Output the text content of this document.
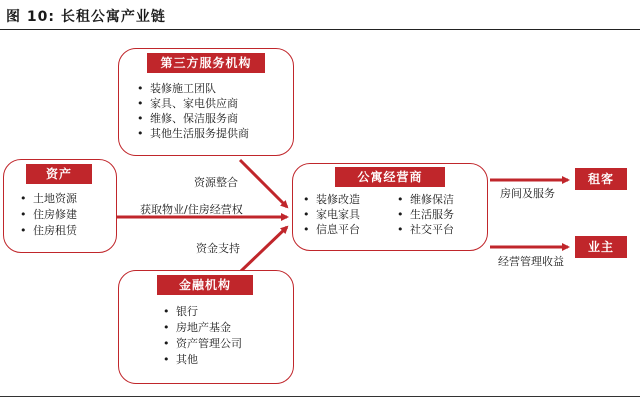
图 10: 长租公寓产业链
第三方服务机构
• 装修施工团队
• 家具、家电供应商
• 维修、保洁服务商
• 其他生活服务提供商
资产
• 土地资源
• 住房修建
• 住房租赁
资源整合
获取物业/住房经营权
资金支持
公寓经营商
• 装修改造
• 家电家具
• 信息平台
• 维修保洁
• 生活服务
• 社交平台
房间及服务
经营管理收益
租客
业主
金融机构
• 银行
• 房地产基金
• 资产管理公司
• 其他
